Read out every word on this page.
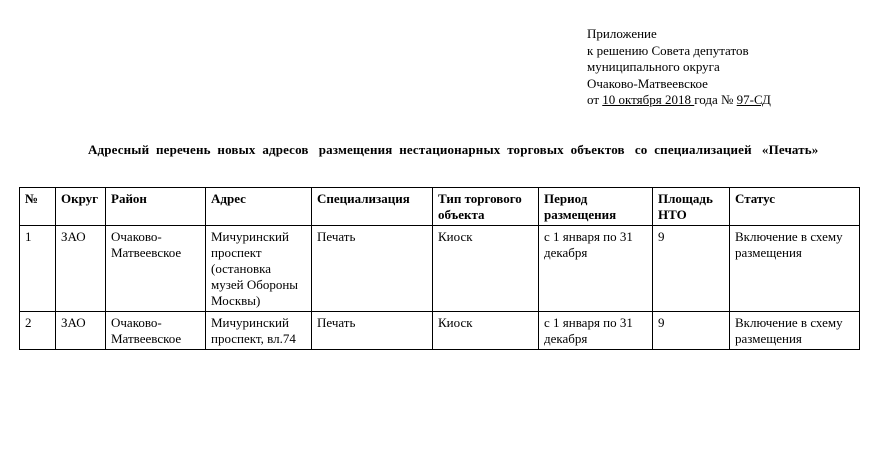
Приложение
к решению Совета депутатов
муниципального округа
Очаково-Матвеевское
от 10 октября 2018 года № 97-СД
Адресный  перечень  новых  адресов   размещения  нестационарных  торговых  объектов   со  специализацией   «Печать»
№	Округ	Район	Адрес	Специализация	Тип торгового объекта	Период размещения	Площадь НТО	Статус
1	ЗАО	Очаково-Матвеевское	Мичуринский проспект (остановка музей Обороны Москвы)	Печать	Киоск	с 1 января по 31 декабря	9	Включение в схему размещения
2	ЗАО	Очаково-Матвеевское	Мичуринский проспект, вл.74	Печать	Киоск	с 1 января по 31 декабря	9	Включение в схему размещения
